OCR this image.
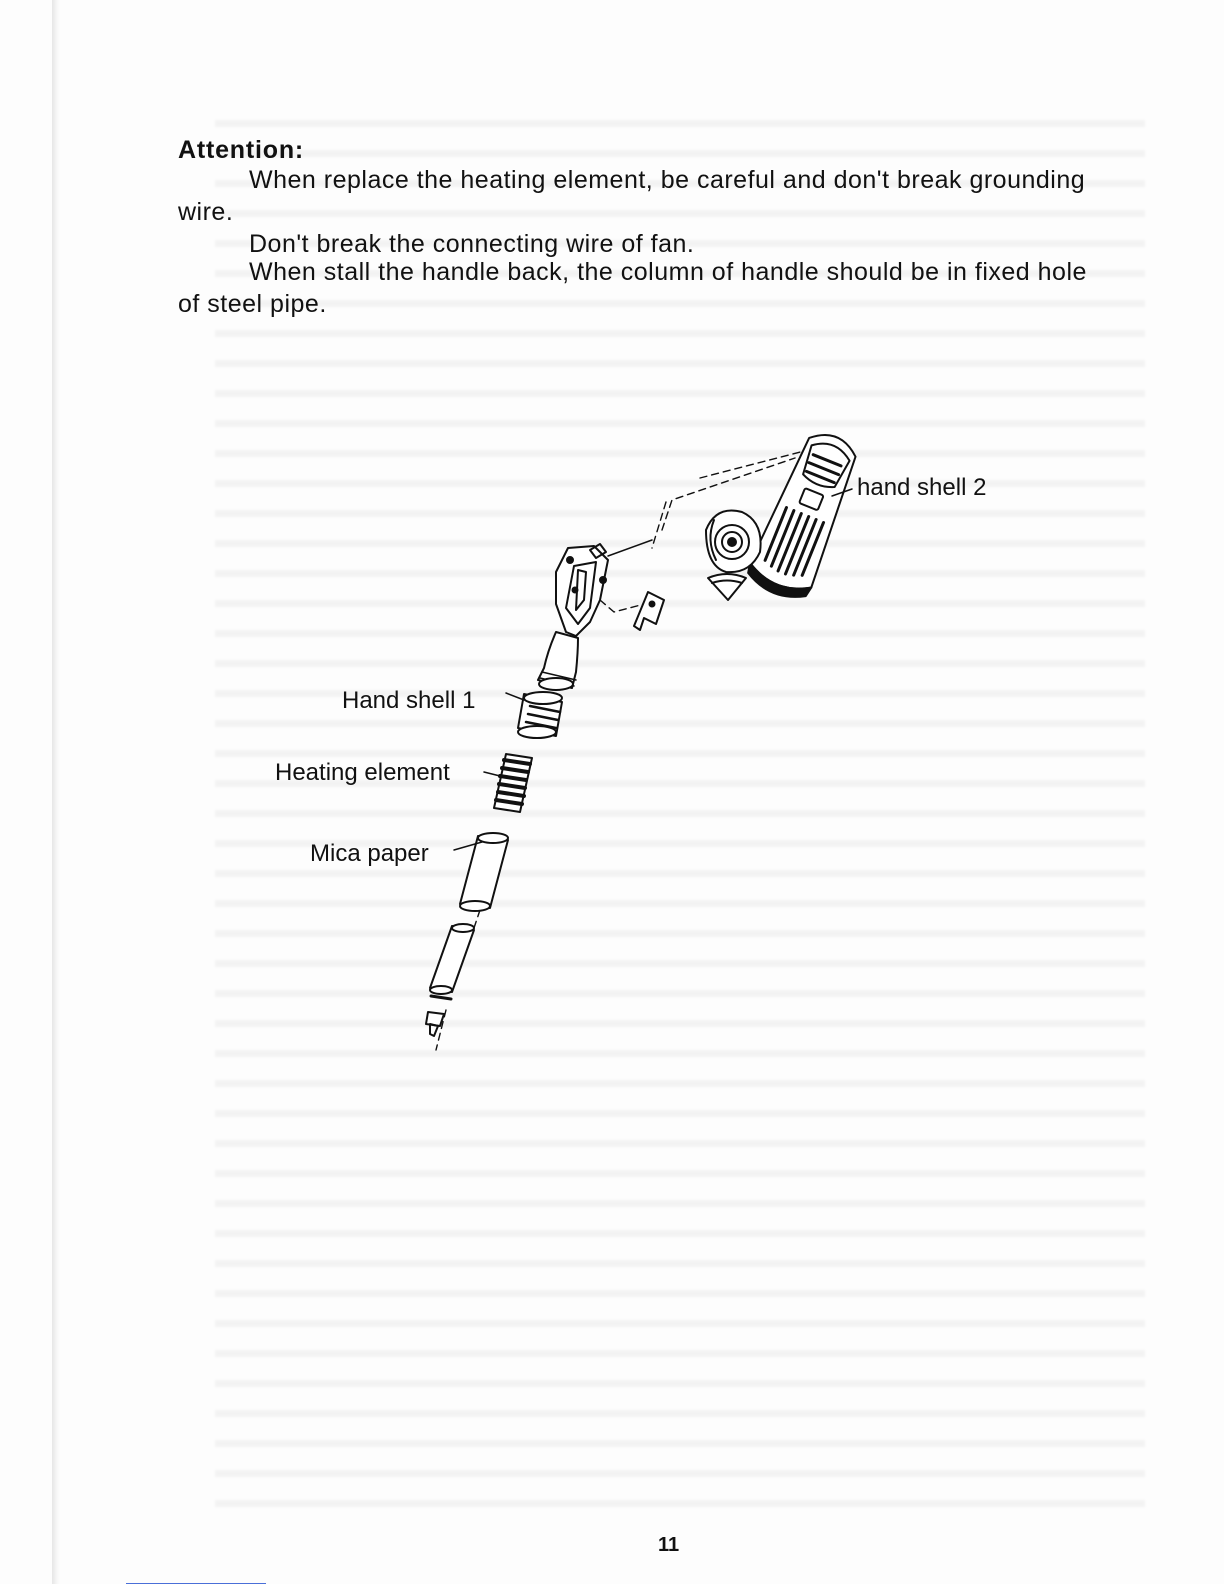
Attention:

When replace the heating element, be careful and don't break grounding wire.

Don't break the connecting wire of fan.

When stall the handle back, the column of handle should be in fixed hole of steel pipe.

hand shell 2
Hand shell 1
Heating element
Mica paper
11
